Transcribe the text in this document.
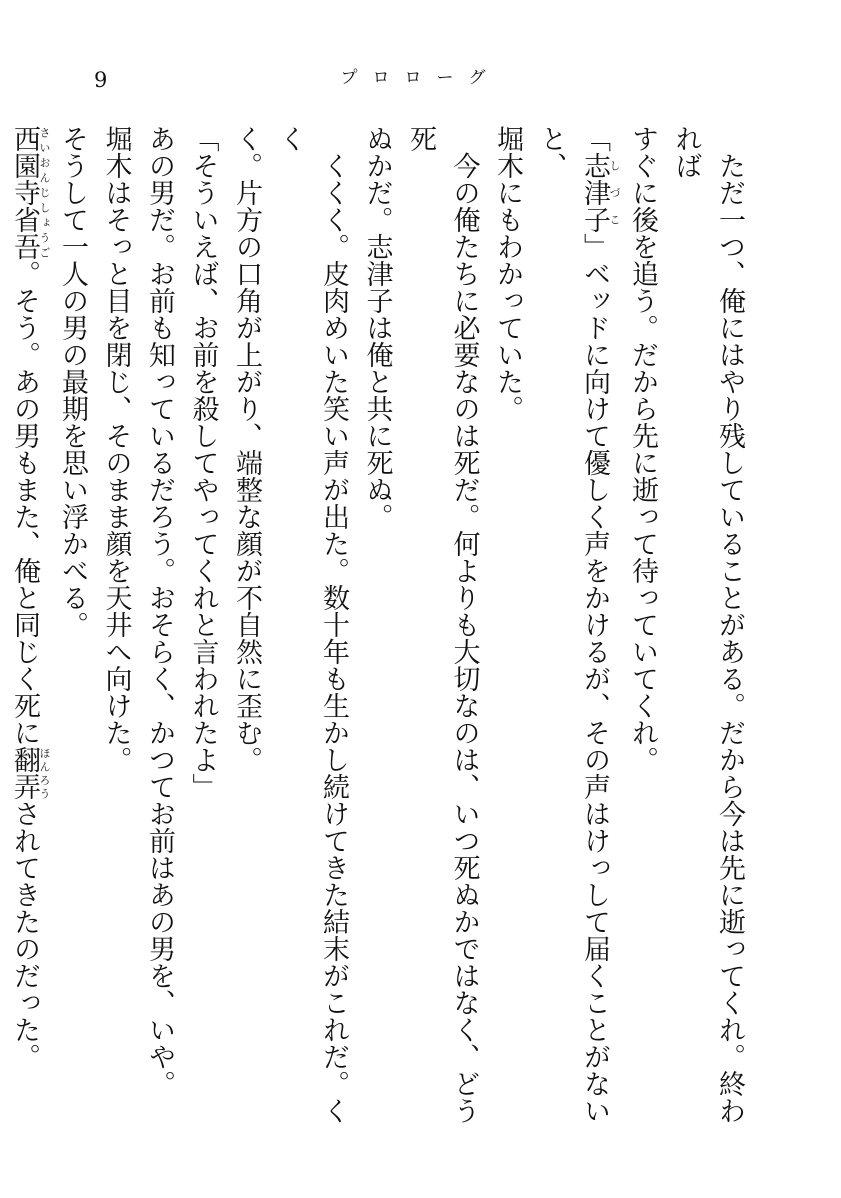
9	プロローグ

ただ一つ、俺にはやり残していることがある。だから今は先に逝ってくれ。終われば

すぐに後を追う。だから先に逝って待っていてくれ。

「志津子しづこ」ベッドに向けて優しく声をかけるが、その声はけっして届くことがないと、

堀木にもわかっていた。

今の俺たちに必要なのは死だ。何よりも大切なのは、いつ死ぬかではなく、どう死

ぬかだ。志津子は俺と共に死ぬ。

くくく。皮肉めいた笑い声が出た。数十年も生かし続けてきた結末がこれだ。くく

く。片方の口角が上がり、端整な顔が不自然に歪む。

「そういえば、お前を殺してやってくれと言われたよ」

あの男だ。お前も知っているだろう。おそらく、かつてお前はあの男を、いや。

堀木はそっと目を閉じ、そのまま顔を天井へ向けた。

そうして一人の男の最期を思い浮かべる。

西園寺省吾さいおんじしょうご。そう。あの男もまた、俺と同じく死に翻弄ほんろうされてきたのだった。
